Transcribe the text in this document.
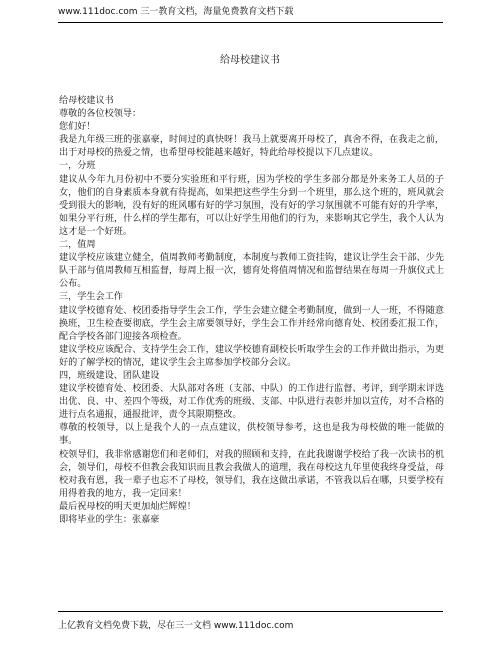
www.111doc.com 三一教育文档，海量免费教育文档下载
给母校建议书
给母校建议书
尊敬的各位校领导：
您们好！
我是九年级三班的张嘉豪，时间过的真快呀！我马上就要离开母校了，真舍不得，在我走之前，出于对母校的热爱之情，也希望母校能越来越好，特此给母校提以下几点建议。
一，分班
建议从今年九月份初中不要分实验班和平行班，因为学校的学生多部分都是外来务工人员的子女，他们的自身素质本身就有待提高，如果把这些学生分到一个班里，那么这个班的，班风就会受到很大的影响，没有好的班风哪有好的学习氛围，没有好的学习氛围就不可能有好的升学率，如果分平行班，什么样的学生都有，可以让好学生用他们的行为，来影响其它学生，我个人认为这才是一个好班。
二，值周
建议学校应该建立健全，值周教师考勤制度，本制度与教师工资挂钩，建议让学生会干部、少先队干部与值周教师互相监督，每周上报一次，德育处将值周情况和监督结果在每周一升旗仪式上公布。
三，学生会工作
建议学校德育处、校团委指导学生会工作，学生会建立健全考勤制度，做到一人一班，不得随意换班，卫生检查要彻底，学生会主席要领导好，学生会工作并经常向德育处、校团委汇报工作，配合学校各部门迎接各项检查。
建议学校应该配合、支持学生会工作，建议学校德育副校长听取学生会的工作并做出指示，为更好的了解学校的情况，建议学生会主席参加学校部分会议。
四，班级建设、团队建设
建议学校德育处、校团委、大队部对各班（支部、中队）的工作进行监督、考评，到学期末评选出优、良、中、差四个等级，对工作优秀的班级、支部、中队进行表彰并加以宣传，对不合格的进行点名通报，通报批评，责令其限期整改。
尊敬的校领导，以上是我个人的一点点建议，供校领导参考，这也是我为母校做的唯一能做的事。
校领导们，我非常感谢您们和老师们，对我的照顾和支持，在此我谢谢学校给了我一次读书的机会，领导们，母校不但教会我知识而且教会我做人的道理，我在母校这九年里使我终身受益，母校对我有恩，我一辈子也忘不了母校，领导们，我在这做出承诺，不管我以后在哪，只要学校有用得着我的地方，我一定回来！
最后祝母校的明天更加灿烂辉煌！
即将毕业的学生：张嘉豪
上亿教育文档免费下载，尽在三一文档 www.111doc.com
